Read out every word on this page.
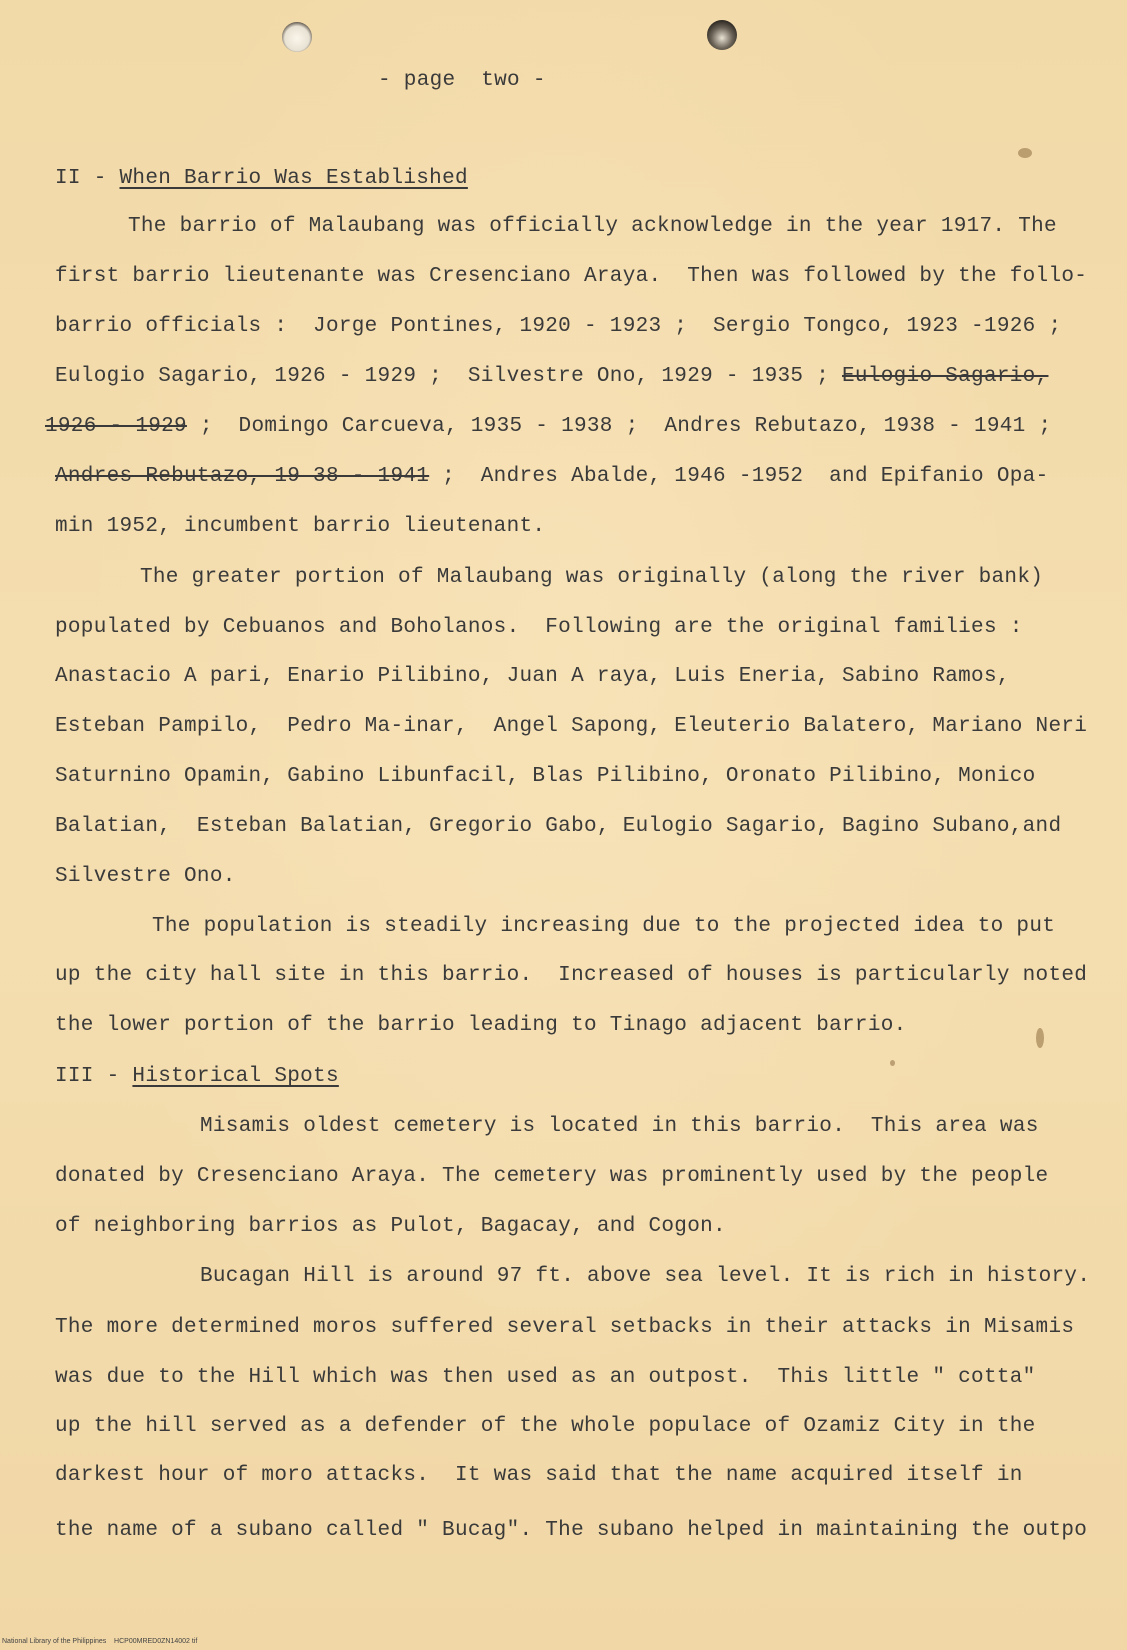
- page  two -
II - When Barrio Was Established
The barrio of Malaubang was officially acknowledge in the year 1917. The
first barrio lieutenante was Cresenciano Araya.  Then was followed by the follo-
barrio officials :  Jorge Pontines, 1920 - 1923 ;  Sergio Tongco, 1923 -1926 ;
Eulogio Sagario, 1926 - 1929 ;  Silvestre Ono, 1929 - 1935 ; Eulogio Sagario,
1926 - 1929 ;  Domingo Carcueva, 1935 - 1938 ;  Andres Rebutazo, 1938 - 1941 ;
Andres Rebutazo, 19 38 - 1941 ;  Andres Abalde, 1946 -1952  and Epifanio Opa-
min 1952, incumbent barrio lieutenant.
The greater portion of Malaubang was originally (along the river bank)
populated by Cebuanos and Boholanos.  Following are the original families :
Anastacio A pari, Enario Pilibino, Juan A raya, Luis Eneria, Sabino Ramos,
Esteban Pampilo,  Pedro Ma-inar,  Angel Sapong, Eleuterio Balatero, Mariano Neri
Saturnino Opamin, Gabino Libunfacil, Blas Pilibino, Oronato Pilibino, Monico
Balatian,  Esteban Balatian, Gregorio Gabo, Eulogio Sagario, Bagino Subano,and
Silvestre Ono.
The population is steadily increasing due to the projected idea to put
up the city hall site in this barrio.  Increased of houses is particularly noted
the lower portion of the barrio leading to Tinago adjacent barrio.
III - Historical Spots
Misamis oldest cemetery is located in this barrio.  This area was
donated by Cresenciano Araya. The cemetery was prominently used by the people
of neighboring barrios as Pulot, Bagacay, and Cogon.
Bucagan Hill is around 97 ft. above sea level. It is rich in history.
The more determined moros suffered several setbacks in their attacks in Misamis
was due to the Hill which was then used as an outpost.  This little " cotta"
up the hill served as a defender of the whole populace of Ozamiz City in the
darkest hour of moro attacks.  It was said that the name acquired itself in
the name of a subano called " Bucag". The subano helped in maintaining the outpo
National Library of the Philippines    HCP00MRED0ZN14002 tif
